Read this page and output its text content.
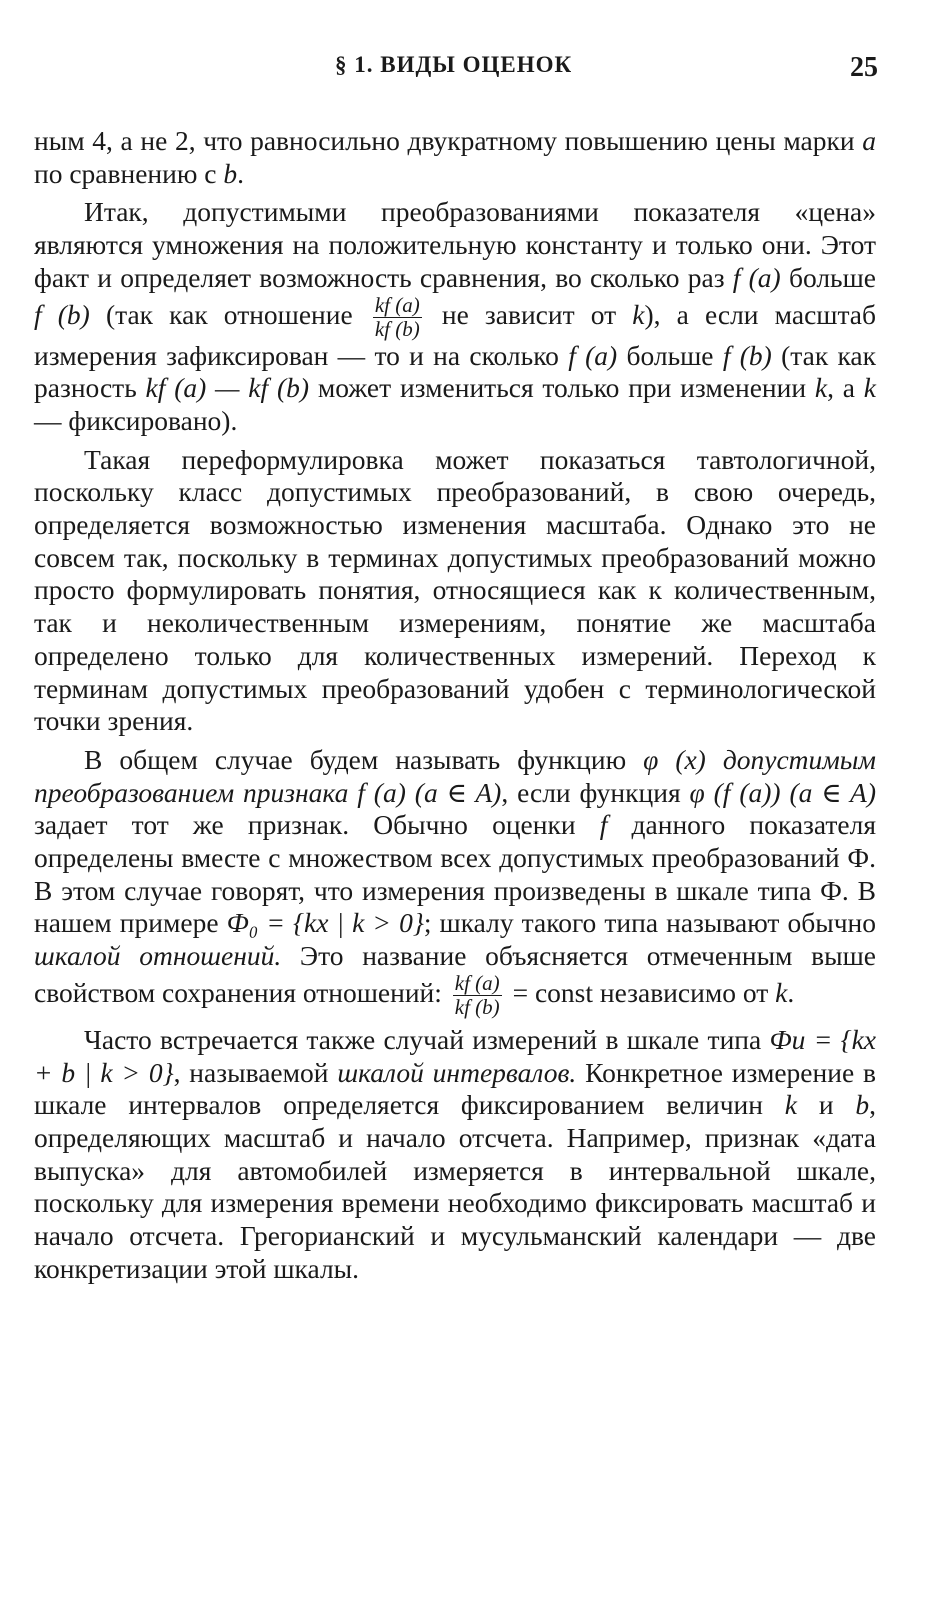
§ 1. ВИДЫ ОЦЕНОК	25

ным 4, а не 2, что равносильно двукратному повышению цены марки a по сравнению с b.

Итак, допустимыми преобразованиями показателя «цена» являются умножения на положительную константу и только они. Этот факт и определяет возможность сравнения, во сколько раз f (a) больше f (b) (так как отношение $\frac{kf (a)}{kf (b)}$ не зависит от k), а если масштаб измерения зафиксирован — то и на сколько f (a) больше f (b) (так как разность kf (a) — kf (b) может измениться только при изменении k, а k — фиксировано).

Такая переформулировка может показаться тавтологичной, поскольку класс допустимых преобразований, в свою очередь, определяется возможностью изменения масштаба. Однако это не совсем так, поскольку в терминах допустимых преобразований можно просто формулировать понятия, относящиеся как к количественным, так и неколичественным измерениям, понятие же масштаба определено только для количественных измерений. Переход к терминам допустимых преобразований удобен с терминологической точки зрения.

В общем случае будем называть функцию φ (x) допустимым преобразованием признака f (a) (a ∈ A), если функция φ (f (a)) (a ∈ A) задает тот же признак. Обычно оценки f данного показателя определены вместе с множеством всех допустимых преобразований Ф. В этом случае говорят, что измерения произведены в шкале типа Ф. В нашем примере Ф₀ = {kx | k > 0}; шкалу такого типа называют обычно шкалой отношений. Это название объясняется отмеченным выше свойством сохранения отношений: $\frac{kf (a)}{kf (b)}$ = const независимо от k.

Часто встречается также случай измерений в шкале типа Фи = {kx + b | k > 0}, называемой шкалой интервалов. Конкретное измерение в шкале интервалов определяется фиксированием величин k и b, определяющих масштаб и начало отсчета. Например, признак «дата выпуска» для автомобилей измеряется в интервальной шкале, поскольку для измерения времени необходимо фиксировать масштаб и начало отсчета. Грегорианский и мусульманский календари — две конкретизации этой шкалы.
